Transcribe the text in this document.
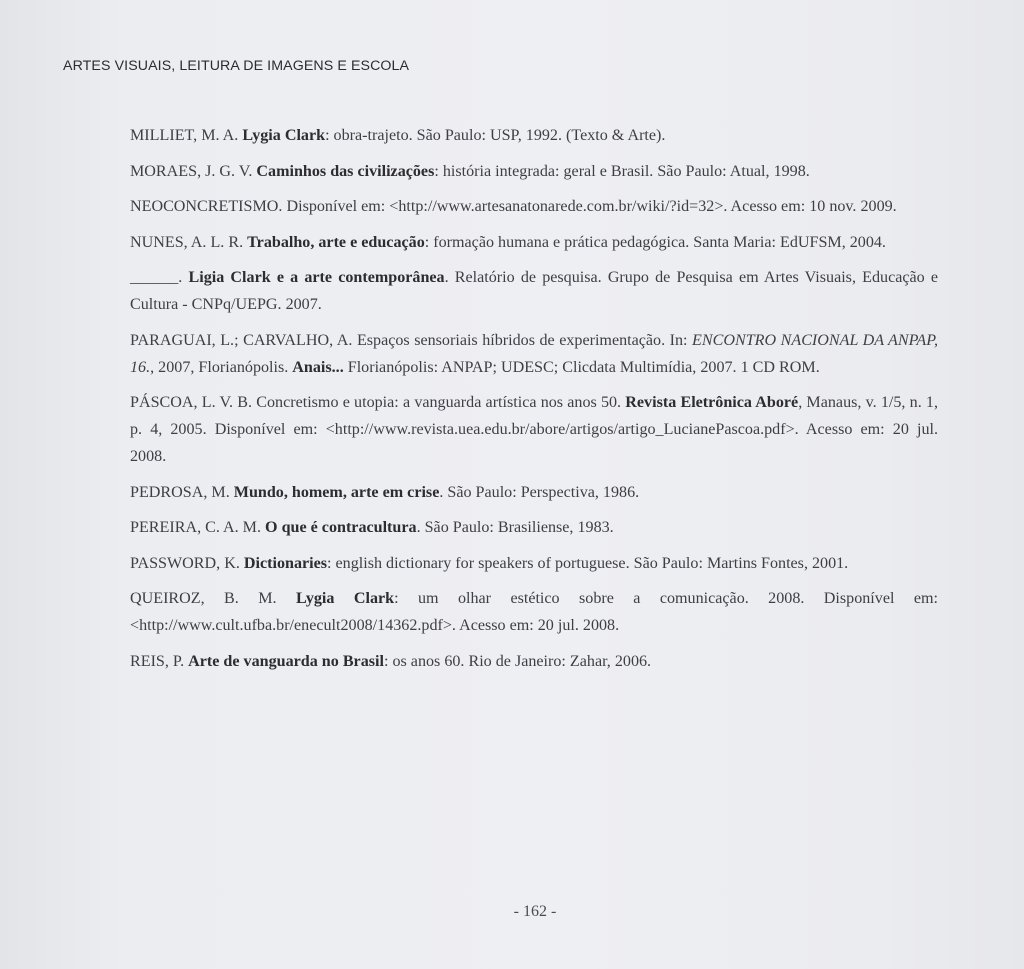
ARTES VISUAIS, LEITURA DE IMAGENS E ESCOLA

MILLIET, M. A. Lygia Clark: obra-trajeto. São Paulo: USP, 1992. (Texto & Arte).

MORAES, J. G. V. Caminhos das civilizações: história integrada: geral e Brasil. São Paulo: Atual, 1998.

NEOCONCRETISMO. Disponível em: <http://www.artesanatonarede.com.br/wiki/?id=32>. Acesso em: 10 nov. 2009.

NUNES, A. L. R. Trabalho, arte e educação: formação humana e prática pedagógica. Santa Maria: EdUFSM, 2004.

______. Ligia Clark e a arte contemporânea. Relatório de pesquisa. Grupo de Pesquisa em Artes Visuais, Educação e Cultura - CNPq/UEPG. 2007.

PARAGUAI, L.; CARVALHO, A. Espaços sensoriais híbridos de experimentação. In: ENCONTRO NACIONAL DA ANPAP, 16., 2007, Florianópolis. Anais... Florianópolis: ANPAP; UDESC; Clicdata Multimídia, 2007. 1 CD ROM.

PÁSCOA, L. V. B. Concretismo e utopia: a vanguarda artística nos anos 50. Revista Eletrônica Aboré, Manaus, v. 1/5, n. 1, p. 4, 2005. Disponível em: <http://www.revista.uea.edu.br/abore/artigos/artigo_LucianePascoa.pdf>. Acesso em: 20 jul. 2008.

PEDROSA, M. Mundo, homem, arte em crise. São Paulo: Perspectiva, 1986.

PEREIRA, C. A. M. O que é contracultura. São Paulo: Brasiliense, 1983.

PASSWORD, K. Dictionaries: english dictionary for speakers of portuguese. São Paulo: Martins Fontes, 2001.

QUEIROZ, B. M. Lygia Clark: um olhar estético sobre a comunicação. 2008. Disponível em: <http://www.cult.ufba.br/enecult2008/14362.pdf>. Acesso em: 20 jul. 2008.

REIS, P. Arte de vanguarda no Brasil: os anos 60. Rio de Janeiro: Zahar, 2006.

- 162 -
